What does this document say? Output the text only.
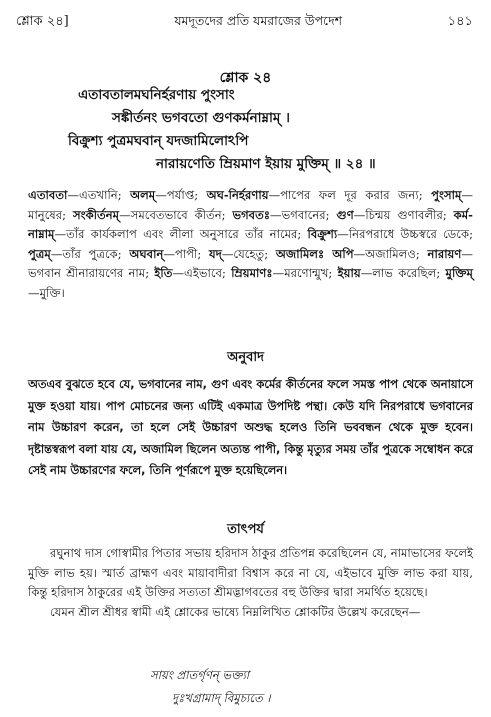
শ্লোক ২৪]	যমদূতদের প্রতি যমরাজের উপদেশ	১৪১
শ্লোক ২৪
এতাবতালমঘনির্হরণায় পুংসাং
সঙ্কীর্তনং ভগবতো গুণকর্মনাম্নাম্ ।
বিক্রুশ্য পুত্রমঘবান্ যদজামিলোঽপি
নারায়ণেতি ম্রিয়মাণ ইয়ায় মুক্তিম্ ॥ ২৪ ॥
এতাবতা—এতখানি; অলম্—পর্যাপ্ত; অঘ-নির্হরণায়—পাপের ফল দূর করার জন্য; পুংসাম্—মানুষের; সংকীর্তনম্—সমবেতভাবে কীর্তন; ভগবতঃ—ভগবানের; গুণ—চিন্ময় গুণাবলীর; কর্ম-নাম্নাম্—তাঁর কার্যকলাপ এবং লীলা অনুসারে তাঁর নামের; বিক্রুশ্য—নিরপরাধে উচ্চস্বরে ডেকে; পুত্রম্—তাঁর পুত্রকে; অঘবান্—পাপী; যদ্—যেহেতু; অজামিলঃ অপি—অজামিলও; নারায়ণ—ভগবান শ্রীনারায়ণের নাম; ইতি—এইভাবে; ম্রিয়মাণঃ—মরণোন্মুখ; ইয়ায়—লাভ করেছিল; মুক্তিম্—মুক্তি।
অনুবাদ
অতএব বুঝতে হবে যে, ভগবানের নাম, গুণ এবং কর্মের কীর্তনের ফলে সমস্ত পাপ থেকে অনায়াসে মুক্ত হওয়া যায়। পাপ মোচনের জন্য এটিই একমাত্র উপদিষ্ট পন্থা। কেউ যদি নিরপরাধে ভগবানের নাম উচ্চারণ করেন, তা হলে সেই উচ্চারণ অশুদ্ধ হলেও তিনি ভববন্ধন থেকে মুক্ত হবেন। দৃষ্টান্তস্বরূপ বলা যায় যে, অজামিল ছিলেন অত্যন্ত পাপী, কিন্তু মৃত্যুর সময় তাঁর পুত্রকে সম্বোধন করে সেই নাম উচ্চারণের ফলে, তিনি পূর্ণরূপে মুক্ত হয়েছিলেন।
তাৎপর্য

রঘুনাথ দাস গোস্বামীর পিতার সভায় হরিদাস ঠাকুর প্রতিপন্ন করেছিলেন যে, নামাভাসের ফলেই মুক্তি লাভ হয়। স্মার্ত ব্রাহ্মণ এবং মায়াবাদীরা বিশ্বাস করে না যে, এইভাবে মুক্তি লাভ করা যায়, কিন্তু হরিদাস ঠাকুরের এই উক্তির সত্যতা শ্রীমদ্ভাগবতের বহু উক্তির দ্বারা সমর্থিত হয়েছে।

যেমন শ্রীল শ্রীধর স্বামী এই শ্লোকের ভাষ্যে নিম্নলিখিত শ্লোকটির উল্লেখ করেছেন—

সায়ং প্রাতর্গৃণন্ ভক্ত্যা
দুঃখগ্রামাদ্ বিমুচ্যতে ।
